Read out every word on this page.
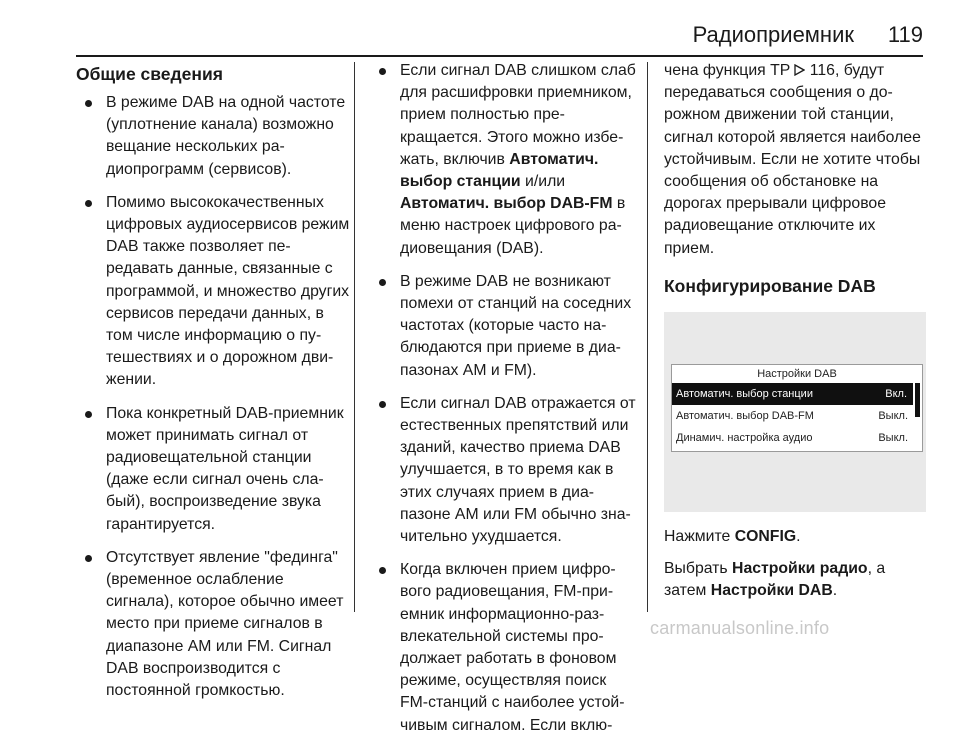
Радиоприемник 119
Общие сведения
В режиме DAB на одной частоте (уплотнение канала) возможно вещание нескольких радиопрограмм (сервисов).
Помимо высококачественных цифровых аудиосервисов режим DAB также позволяет передавать данные, связанные с программой, и множество других сервисов передачи данных, в том числе информацию о путешествиях и о дорожном движении.
Пока конкретный DAB-приемник может принимать сигнал от радиовещательной станции (даже если сигнал очень слабый), воспроизведение звука гарантируется.
Отсутствует явление "фединга" (временное ослабление сигнала), которое обычно имеет место при приеме сигналов в диапазоне AM или FM. Сигнал DAB воспроизводится с постоянной громкостью.
Если сигнал DAB слишком слаб для расшифровки приемником, прием полностью прекращается. Этого можно избежать, включив Автоматич. выбор станции и/или Автоматич. выбор DAB-FM в меню настроек цифрового радиовещания (DAB).
В режиме DAB не возникают помехи от станций на соседних частотах (которые часто наблюдаются при приеме в диапазонах AM и FM).
Если сигнал DAB отражается от естественных препятствий или зданий, качество приема DAB улучшается, в то время как в этих случаях прием в диапазоне AM или FM обычно значительно ухудшается.
Когда включен прием цифрового радиовещания, FM-приемник информационно-развлекательной системы продолжает работать в фоновом режиме, осуществляя поиск FM-станций с наиболее устойчивым сигналом. Если вклю-
чена функция TP  116, будут передаваться сообщения о дорожном движении той станции, сигнал которой является наиболее устойчивым. Если не хотите чтобы сообщения об обстановке на дорогах прерывали цифровое радиовещание отключите их прием.
Конфигурирование DAB
Настройки DAB
Автоматич. выбор станции	Вкл.
Автоматич. выбор DAB-FM	Выкл.
Динамич. настройка аудио	Выкл.
Нажмите CONFIG.
Выбрать Настройки радио, а затем Настройки DAB.
carmanualsonline.info
